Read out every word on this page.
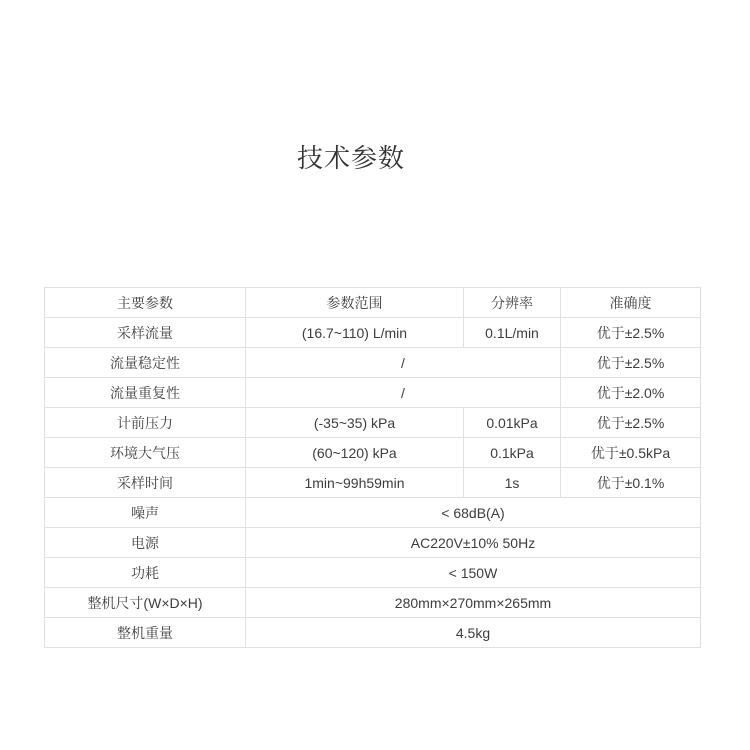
技术参数
主要参数	参数范围	分辨率	准确度
采样流量	(16.7~110) L/min	0.1L/min	优于±2.5%
流量稳定性	/		优于±2.5%
流量重复性	/		优于±2.0%
计前压力	(-35~35) kPa	0.01kPa	优于±2.5%
环境大气压	(60~120) kPa	0.1kPa	优于±0.5kPa
采样时间	1min~99h59min	1s	优于±0.1%
噪声	< 68dB(A)		
电源	AC220V±10% 50Hz		
功耗	< 150W		
整机尺寸(W×D×H)	280mm×270mm×265mm		
整机重量	4.5kg		
